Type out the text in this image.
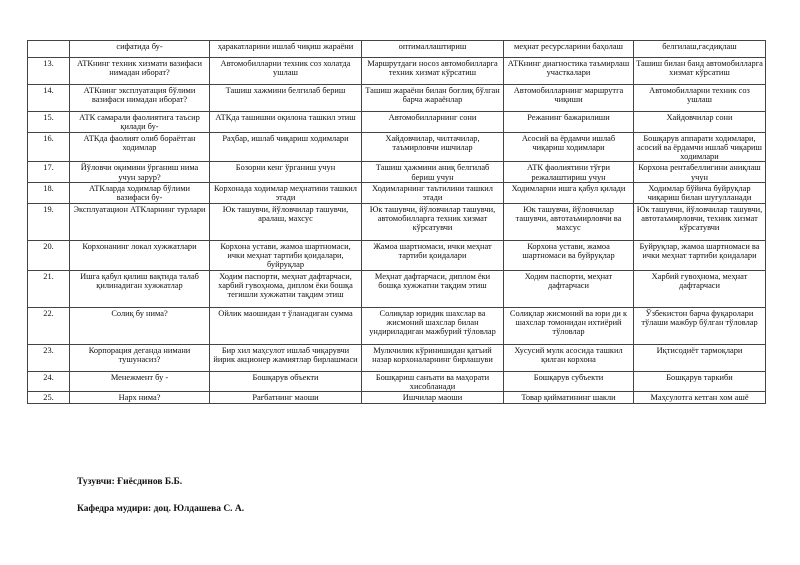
	сифатида бу-	ҳаракатларини ишлаб чиқиш жараёни	оптималлаштириш	меҳнат ресурсларини баҳолаш	белгилаш,гасдиқлаш
13.	АТКнинг техник хизмати вазифаси нимадан иборат?	Автомобилларни техник соз холатда ушлаш	Маршрутдаги носоз автомобилларга техник хизмат кўрсатиш	АТКнинг диагностика таъмирлаш участкалари	Ташиш билан банд автомобилларга хизмат кўрсатиш
14.	АТКнинг эксплуатация бўлими вазифаси нимадан иборат?	Ташиш хажмини белгилаб бериш	Ташиш жараёни билан боғлиқ бўлган барча жараёнлар	Автомобилларнинг маршрутга чиқиши	Автомобилларни техник соз ушлаш
15.	АТК самарали фаолиятига таъсир қилади бу-	АТКда ташишни оқилона ташкил этиш	Автомобилларнинг сони	Режанинг бажарилиши	Хайдовчилар сони
16.	АТКда фаолият олиб бораётган ходимлар	Раҳбар, ишлаб чиқариш ходимлари	Хайдовчилар, чилтачилар, таъмирловчи ишчилар	Асосий ва ёрдамчи ишлаб чиқариш ходимлари	Бошқарув аппарати ходимлари, асосий ва ёрдамчи ишлаб чиқариш ходимлари
17.	Йўловчи оқимини ўрганиш нима учун зарур?	Бозорни кенг ўрганиш учун	Ташиш ҳажмини аниқ белгилаб бериш учун	АТК фаолиятини тўғри режалаштириш учун	Корхона рентабеллигини аниқлаш учун
18.	АТКларда ходимлар бўлими вазифаси бу-	Корхонада ходимлар меҳнатини ташкил этади	Ходимларнинг таътилини ташкил этади	Ходимларни ишга қабул қилади	Ходимлар бўйича буйруқлар чиқариш билан шуғулланади
19.	Эксплуатацион АТКларнинг турлари	Юк ташувчи, йўловчилар ташувчи, аралаш, махсус	Юк ташувчи, йўловчилар ташувчи, автомобилларга техник хизмат кўрсатувчи	Юк ташувчи, йўловчилар ташувчи, автотаъмирловчи ва махсус	Юк ташувчи, йўловчилар ташувчи, автотаъмирловчи, техник хизмат кўрсатувчи
20.	Корхонанинг локал хужжатлари	Корхона устави, жамоа шартномаси, ички меҳнат тартиби қоидалари, буйруқлар	Жамоа шартномаси, ички меҳнат тартиби қоидалари	Корхона устави, жамоа шартномаси ва буйруқлар	Буйруқлар, жамоа шартномаси ва ички меҳнат тартиби қоидалари
21.	Ишга қабул қилиш вақтида талаб қилинадиган хужжатлар	Ходим паспорти, меҳнат дафтарчаси, харбий гувоҳнома, диплом ёки бошқа тегишли хужжатни тақдим этиш	Меҳнат дафтарчаси, диплом ёки бошқа хужжатни тақдим этиш	Ходим паспорти, меҳнат дафтарчаси	Харбий гувоҳнома, меҳнат дафтарчаси
22.	Солиқ бу нима?	Ойлик маошидан т ўланадиган сумма	Солиқлар юридик шахслар ва жисмоний шахслар билан ундириладиган мажбурий тўловлар	Солиқлар жисмоний ва юри ди к шахслар томонидан ихтиёрий тўловлар	Ўзбекистон барча фуқаролари тўлаши мажбур бўлган тўловлар
23.	Корпорация деганда нимани тушунасиз?	Бир хил маҳсулот ишлаб чиқарувчи йирик акционер жамиятлар бирлашмаси	Мулкчилик кўринишидан қатъий назар корхоналарнинг бирлашуви	Хусусий мулк асосида ташкил қилган корхона	Иқтисодиёт тармоқлари
24.	Менежмент бу -	Бошқарув объекти	Бошқариш санъати ва маҳорати хисобланади	Бошқарув субъекти	Бошқарув таркиби
25.	Нарх нима?	Рағбатнинг маоши	Ишчилар маоши	Товар қийматининг шакли	Маҳсулотга кетган хом ашё
Тузувчи: Ғиёсдинов Б.Б.
Кафедра мудири: доц. Юлдашева С. А.
